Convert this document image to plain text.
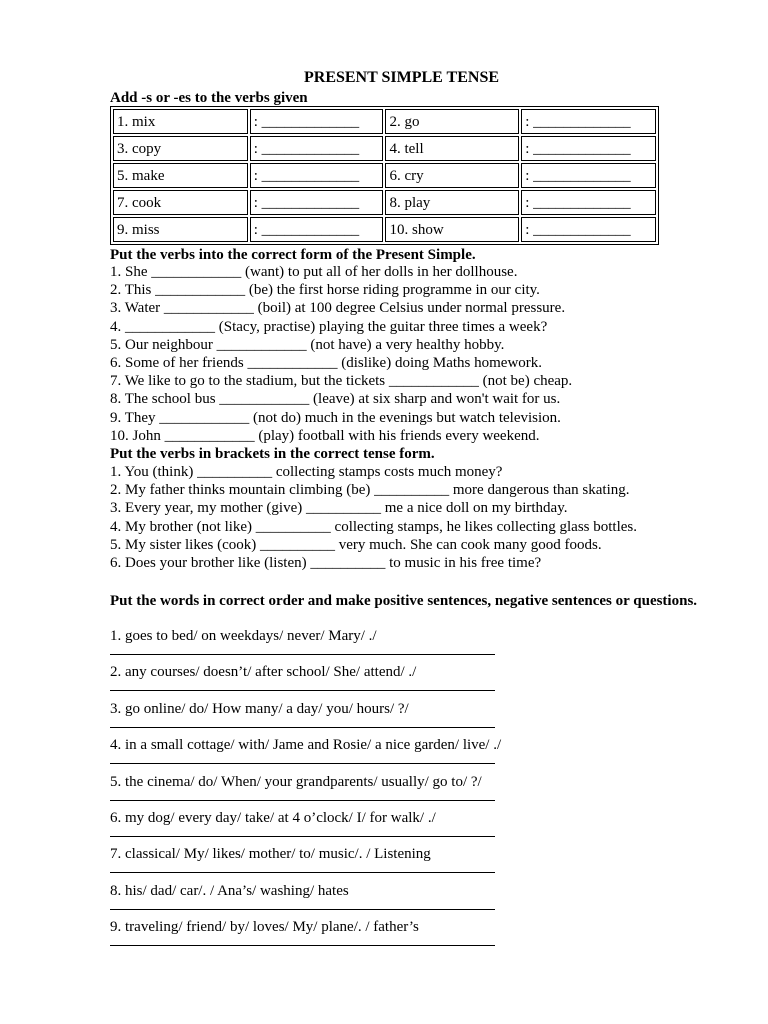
PRESENT SIMPLE TENSE
Add -s or -es to the verbs given
1. mix	: _____________	2. go	: _____________
3. copy	: _____________	4. tell	: _____________
5. make	: _____________	6. cry	: _____________
7. cook	: _____________	8. play	: _____________
9. miss	: _____________	10. show	: _____________
Put the verbs into the correct form of the Present Simple.
1. She ____________ (want) to put all of her dolls in her dollhouse.
2. This ____________ (be) the first horse riding programme in our city.
3. Water ____________ (boil) at 100 degree Celsius under normal pressure.
4. ____________ (Stacy, practise) playing the guitar three times a week?
5. Our neighbour ____________ (not have) a very healthy hobby.
6. Some of her friends ____________ (dislike) doing Maths homework.
7. We like to go to the stadium, but the tickets ____________ (not be) cheap.
8. The school bus ____________ (leave) at six sharp and won't wait for us.
9. They ____________ (not do) much in the evenings but watch television.
10. John ____________ (play) football with his friends every weekend.
Put the verbs in brackets in the correct tense form.
1. You (think) __________ collecting stamps costs much money?
2. My father thinks mountain climbing (be) __________ more dangerous than skating.
3. Every year, my mother (give) __________ me a nice doll on my birthday.
4. My brother (not like) __________ collecting stamps, he likes collecting glass bottles.
5. My sister likes (cook) __________ very much. She can cook many good foods.
6. Does your brother like (listen) __________ to music in his free time?
Put the words in correct order and make positive sentences, negative sentences or questions.
1. goes to bed/ on weekdays/ never/ Mary/ ./
2. any courses/ doesn’t/ after school/ She/ attend/ ./
3. go online/ do/ How many/ a day/ you/ hours/ ?/
4. in a small cottage/ with/ Jame and Rosie/ a nice garden/ live/ ./
5. the cinema/ do/ When/ your grandparents/ usually/ go to/ ?/
6. my dog/ every day/ take/ at 4 o’clock/ I/ for walk/ ./
7. classical/ My/ likes/ mother/ to/ music/. / Listening
8. his/ dad/ car/. / Ana’s/ washing/ hates
9. traveling/ friend/ by/ loves/ My/ plane/. / father’s
